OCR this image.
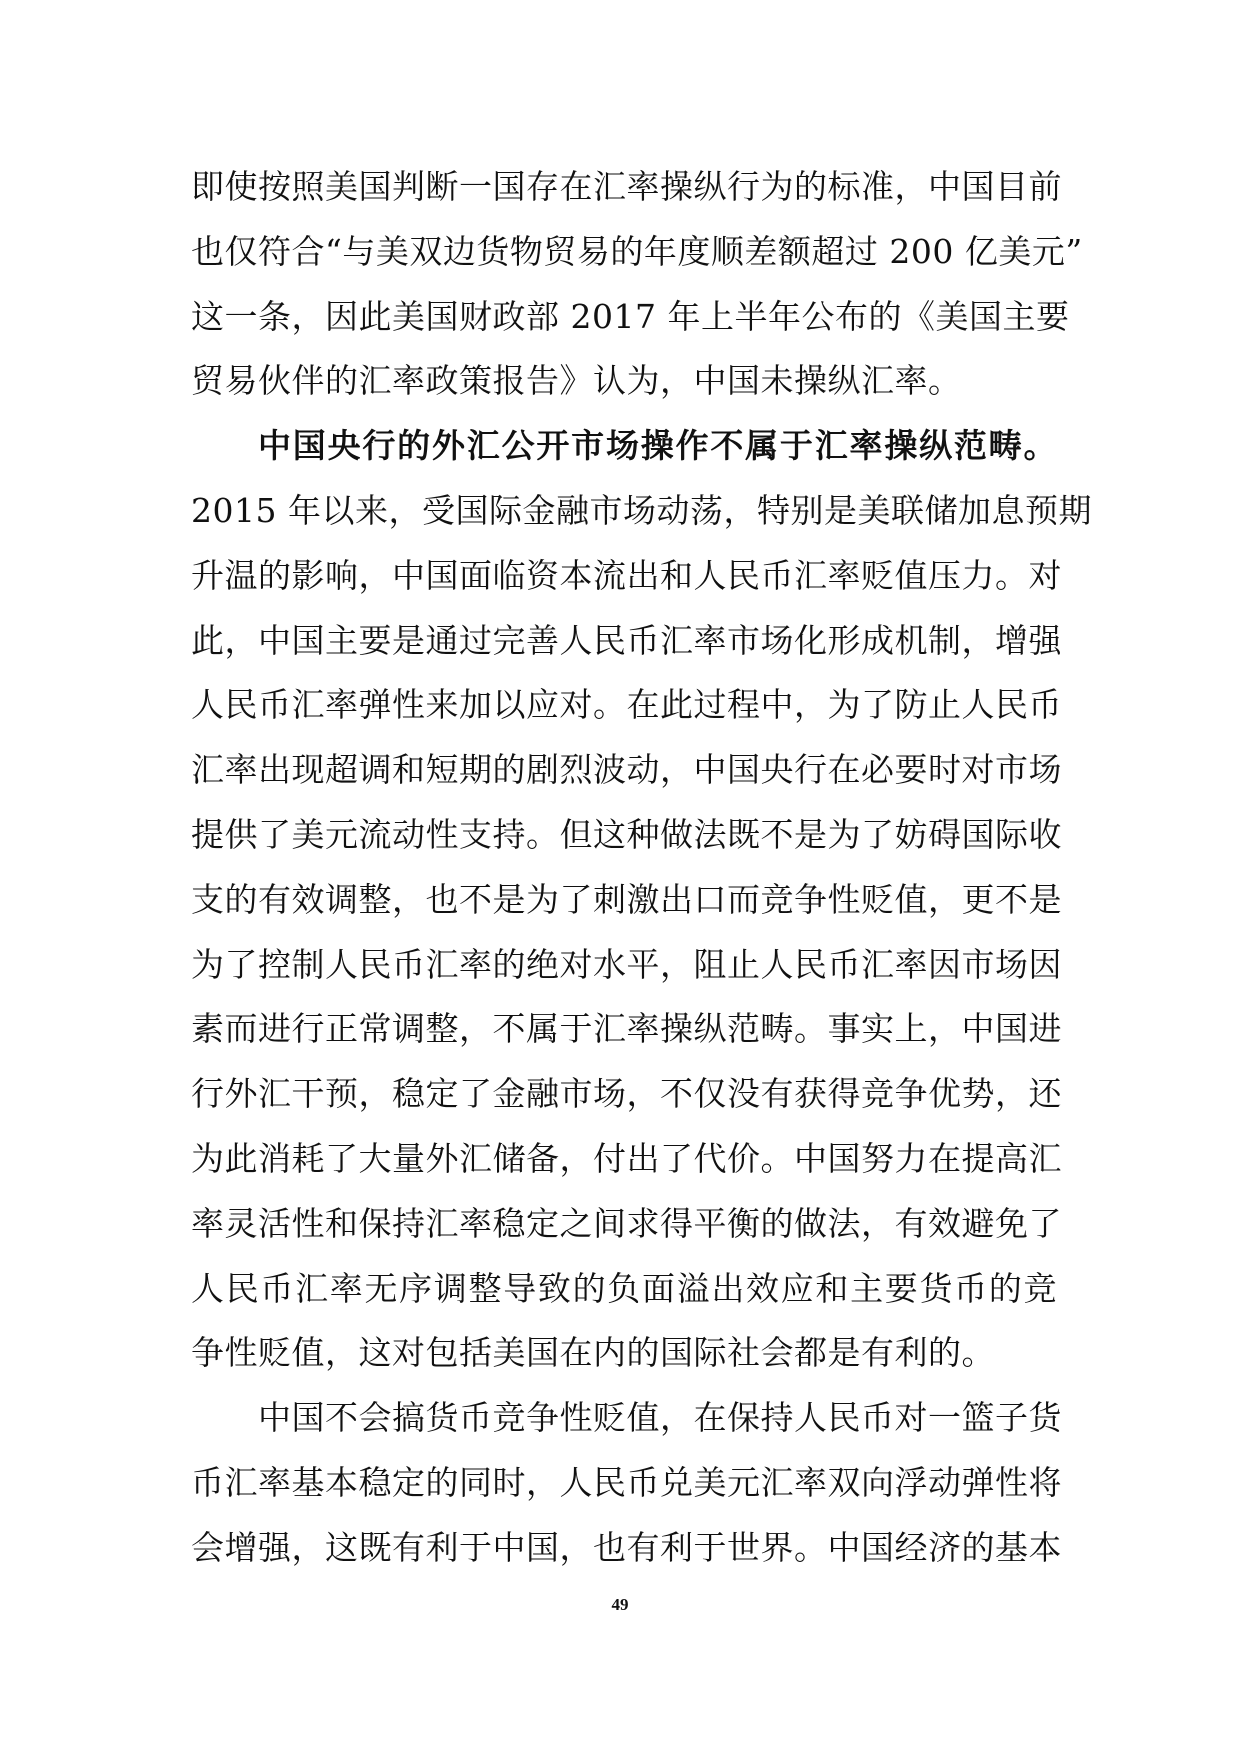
即使按照美国判断一国存在汇率操纵行为的标准，中国目前
也仅符合“与美双边货物贸易的年度顺差额超过 200 亿美元”
这一条，因此美国财政部 2017 年上半年公布的《美国主要
贸易伙伴的汇率政策报告》认为，中国未操纵汇率。
中国央行的外汇公开市场操作不属于汇率操纵范畴。
2015 年以来，受国际金融市场动荡，特别是美联储加息预期
升温的影响，中国面临资本流出和人民币汇率贬值压力。对
此，中国主要是通过完善人民币汇率市场化形成机制，增强
人民币汇率弹性来加以应对。在此过程中，为了防止人民币
汇率出现超调和短期的剧烈波动，中国央行在必要时对市场
提供了美元流动性支持。但这种做法既不是为了妨碍国际收
支的有效调整，也不是为了刺激出口而竞争性贬值，更不是
为了控制人民币汇率的绝对水平，阻止人民币汇率因市场因
素而进行正常调整，不属于汇率操纵范畴。事实上，中国进
行外汇干预，稳定了金融市场，不仅没有获得竞争优势，还
为此消耗了大量外汇储备，付出了代价。中国努力在提高汇
率灵活性和保持汇率稳定之间求得平衡的做法，有效避免了
人民币汇率无序调整导致的负面溢出效应和主要货币的竞
争性贬值，这对包括美国在内的国际社会都是有利的。
中国不会搞货币竞争性贬值，在保持人民币对一篮子货
币汇率基本稳定的同时，人民币兑美元汇率双向浮动弹性将
会增强，这既有利于中国，也有利于世界。中国经济的基本
49
